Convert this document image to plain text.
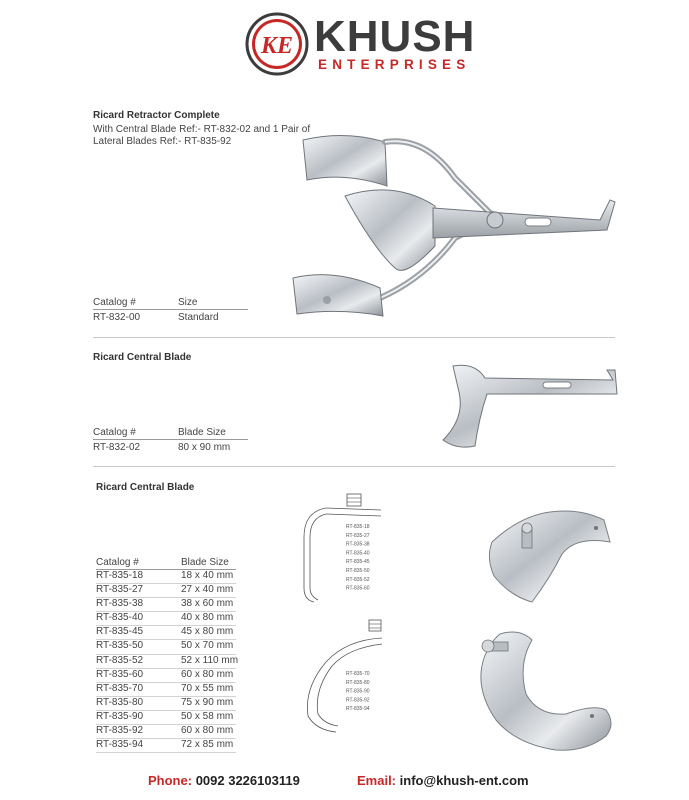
KE KHUSH
ENTERPRISES
Ricard Retractor Complete
With Central Blade Ref:- RT-832-02 and 1 Pair of
Lateral Blades Ref:- RT-835-92
Catalog #	Size
RT-832-00	Standard
Ricard Central Blade
Catalog #	Blade Size
RT-832-02	80 x 90 mm
Ricard Central Blade
Catalog #	Blade Size
RT-835-18	18 x 40 mm
RT-835-27	27 x 40 mm
RT-835-38	38 x 60 mm
RT-835-40	40 x 80 mm
RT-835-45	45 x 80 mm
RT-835-50	50 x 70 mm
RT-835-52	52 x 110 mm
RT-835-60	60 x 80 mm
RT-835-70	70 x 55 mm
RT-835-80	75 x 90 mm
RT-835-90	50 x 58 mm
RT-835-92	60 x 80 mm
RT-835-94	72 x 85 mm
RT-835-18
RT-835-27
RT-835-38
RT-835-40
RT-835-45
RT-835-50
RT-835-52
RT-835-60
RT-835-70
RT-835-80
RT-835-90
RT-835-92
RT-835-94
Phone: 0092 3226103119	Email: info@khush-ent.com
